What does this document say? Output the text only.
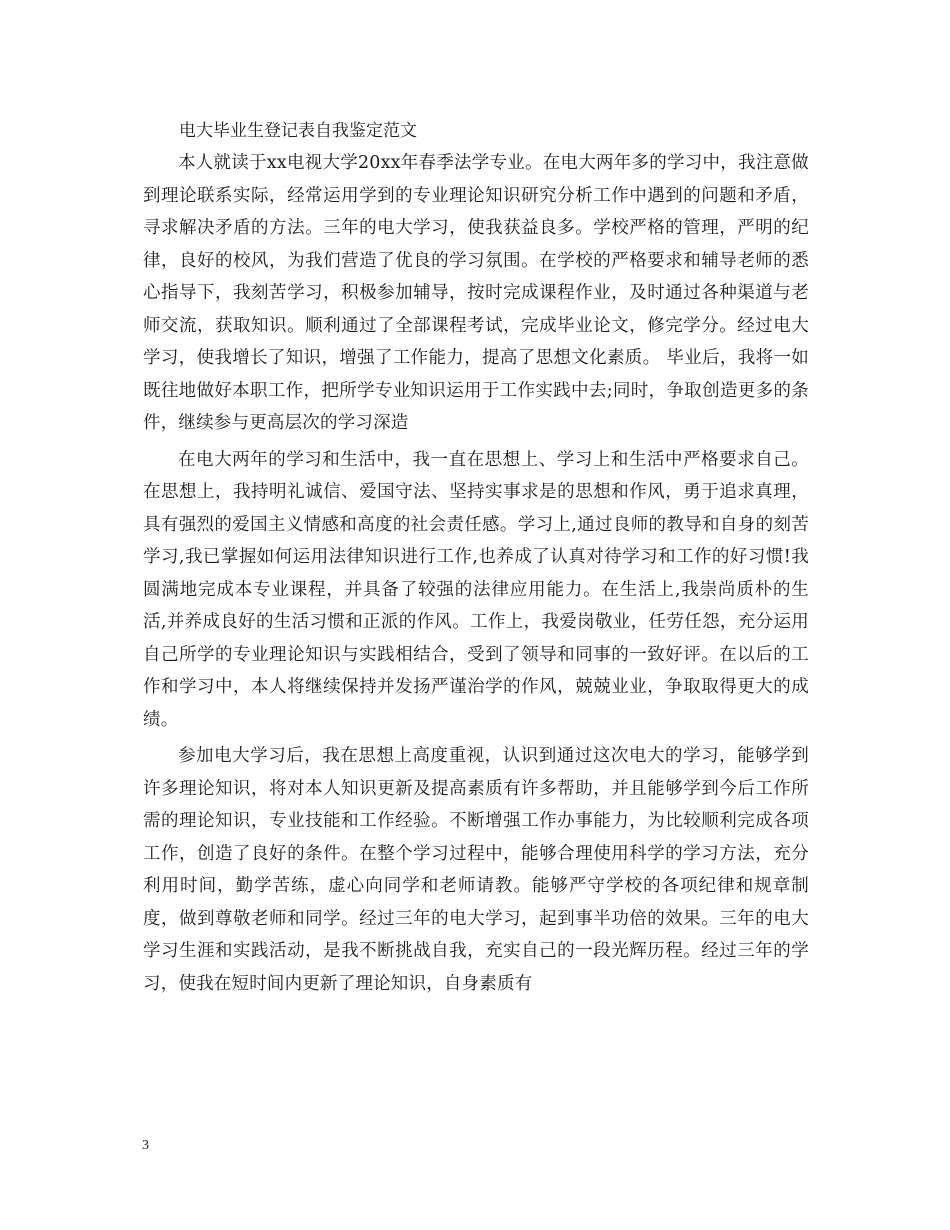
电大毕业生登记表自我鉴定范文

本人就读于xx电视大学20xx年春季法学专业。在电大两年多的学习中，我注意做到理论联系实际，经常运用学到的专业理论知识研究分析工作中遇到的问题和矛盾，寻求解决矛盾的方法。三年的电大学习，使我获益良多。学校严格的管理，严明的纪律，良好的校风，为我们营造了优良的学习氛围。在学校的严格要求和辅导老师的悉心指导下，我刻苦学习，积极参加辅导，按时完成课程作业，及时通过各种渠道与老师交流，获取知识。顺利通过了全部课程考试，完成毕业论文，修完学分。经过电大学习，使我增长了知识，增强了工作能力，提高了思想文化素质。 毕业后，我将一如既往地做好本职工作，把所学专业知识运用于工作实践中去;同时，争取创造更多的条件，继续参与更高层次的学习深造

在电大两年的学习和生活中，我一直在思想上、学习上和生活中严格要求自己。 在思想上，我持明礼诚信、爱国守法、坚持实事求是的思想和作风，勇于追求真理，具有强烈的爱国主义情感和高度的社会责任感。学习上,通过良师的教导和自身的刻苦学习,我已掌握如何运用法律知识进行工作,也养成了认真对待学习和工作的好习惯!我圆满地完成本专业课程，并具备了较强的法律应用能力。在生活上,我崇尚质朴的生活,并养成良好的生活习惯和正派的作风。工作上，我爱岗敬业，任劳任怨，充分运用自己所学的专业理论知识与实践相结合，受到了领导和同事的一致好评。在以后的工作和学习中，本人将继续保持并发扬严谨治学的作风，兢兢业业，争取取得更大的成绩。

参加电大学习后，我在思想上高度重视，认识到通过这次电大的学习，能够学到许多理论知识，将对本人知识更新及提高素质有许多帮助，并且能够学到今后工作所需的理论知识，专业技能和工作经验。不断增强工作办事能力，为比较顺利完成各项工作，创造了良好的条件。在整个学习过程中，能够合理使用科学的学习方法，充分利用时间，勤学苦练，虚心向同学和老师请教。能够严守学校的各项纪律和规章制度，做到尊敬老师和同学。经过三年的电大学习，起到事半功倍的效果。三年的电大学习生涯和实践活动，是我不断挑战自我，充实自己的一段光辉历程。经过三年的学习，使我在短时间内更新了理论知识，自身素质有

3
